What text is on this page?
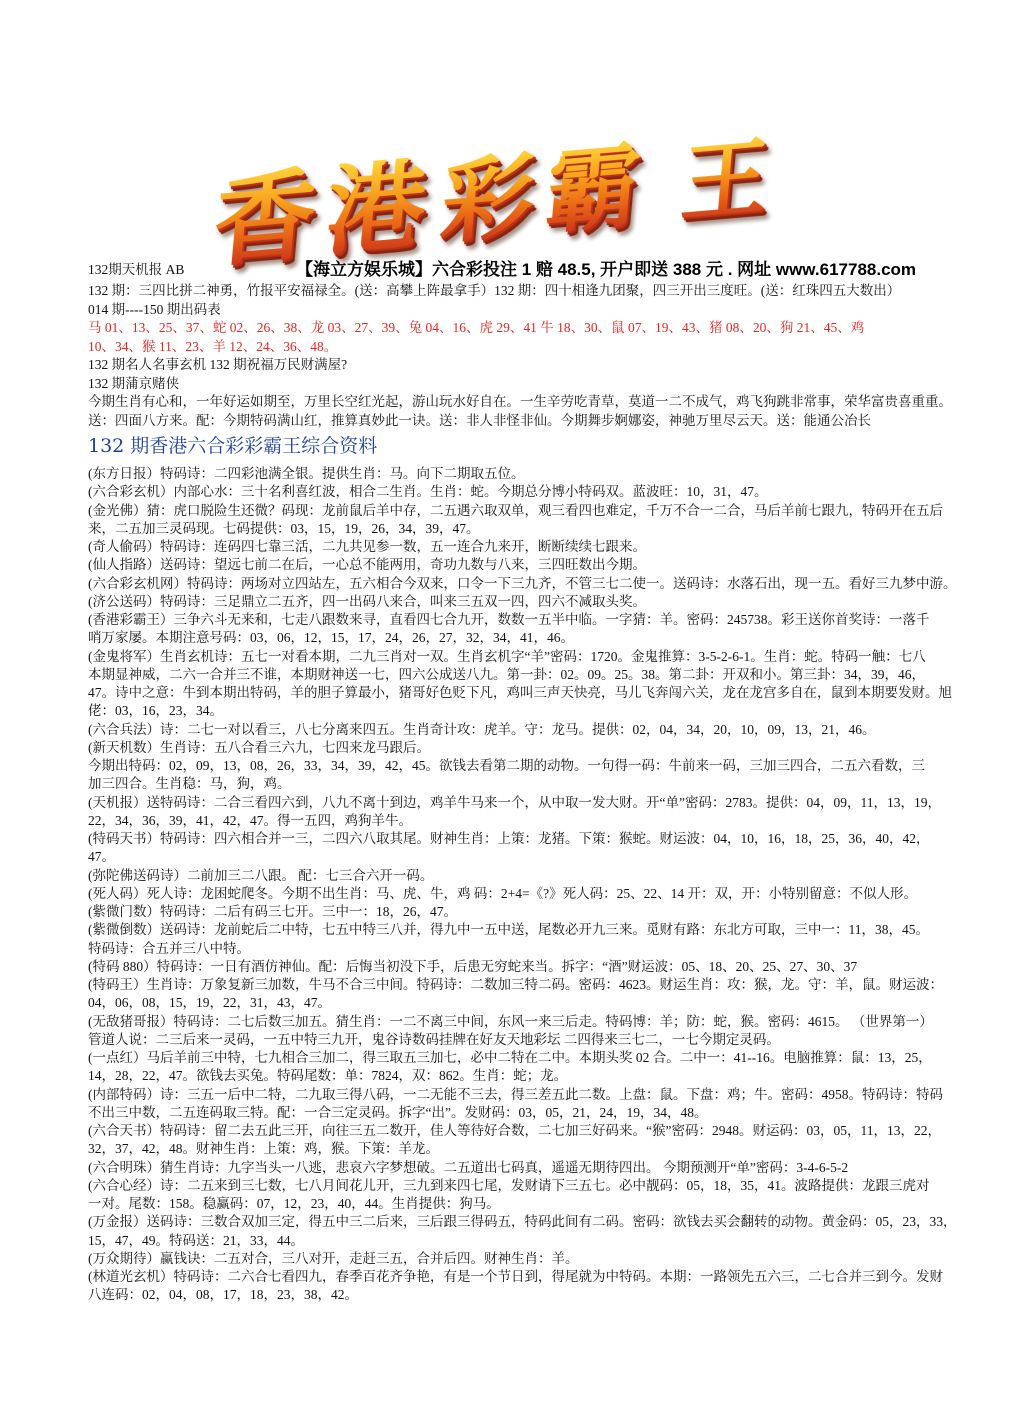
香 港 彩 霸 王
132期天机报 AB	【海立方娱乐城】六合彩投注 1 赔 48.5, 开户即送 388 元 . 网址 www.617788.com
132 期：三四比拼二神勇，竹报平安福禄全。(送：高攀上阵最拿手）132 期：四十相逢九团聚，四三开出三度旺。(送：红珠四五大数出）
014 期----150 期出码表
马 01、13、25、37、蛇 02、26、38、龙 03、27、39、兔 04、16、虎 29、41 牛 18、30、鼠 07、19、43、猪 08、20、狗 21、45、鸡
10、34、猴 11、23、羊 12、24、36、48。
132 期名人名事玄机 132 期祝福万民财满屋?
132 期蒲京赌侠
今期生肖有心和，一年好运如期至，万里长空红光起，游山玩水好自在。一生辛劳吃青草，莫道一二不成气，鸡飞狗跳非常事，荣华富贵喜重重。
送：四面八方来。配：今期特码满山红，推算真妙此一诀。送：非人非怪非仙。今期舞步婀娜姿，神驰万里尽云天。送：能通公冶长
132 期香港六合彩彩霸王综合资料
(东方日报）特码诗：二四彩池满全银。提供生肖：马。向下二期取五位。
(六合彩玄机）内部心水：三十名利喜红波，相合二生肖。生肖：蛇。今期总分博小特码双。蓝波旺：10，31，47。
(金光佛）猜：虎口脱险生还微？码现：龙前鼠后羊中存，二五遇六取双单，观三看四也难定，千万不合一二合，马后羊前七跟九，特码开在五后
来，二五加三灵码现。七码提供：03，15，19，26，34，39，47。
(奇人偷码）特码诗：连码四七靠三活，二九共见参一数，五一连合九来开，断断续续七跟来。
(仙人指路）送码诗：望远七前二在后，一心总不能两用，奇功九数与八来，三四旺数出今期。
(六合彩玄机网）特码诗：两场对立四站左，五六相合今双来，口令一下三九齐，不管三七二使一。送码诗：水落石出，现一五。看好三九梦中游。
(济公送码）特码诗：三足鼎立二五齐，四一出码八来合，叫来三五双一四，四六不减取头奖。
(香港彩霸王）三争六斗无来和，七走八跟数来寻，直看四七合九开，数数一五半中临。一字猜：羊。密码：245738。彩王送你首奖诗：一落千
哨万家屡。本期注意号码：03，06，12，15，17，24，26，27，32，34，41，46。
(金鬼将军）生肖玄机诗：五七一对看本期，二九三肖对一双。生肖玄机字“羊”密码：1720。金鬼推算：3-5-2-6-1。生肖：蛇。特码一触：七八
本期显神威，二六一合并三不谁，本期财神送一七，四六公成送八九。第一卦：02。09。25。38。第二卦：开双和小。第三卦：34，39，46，
47。诗中之意：牛到本期出特码，羊的胆子算最小，猪哥好色贬下凡，鸡叫三声天快亮，马儿飞奔闯六关，龙在龙宫多自在，鼠到本期要发财。旭
佬：03，16，23，34。
(六合兵法）诗：二七一对以看三，八七分离来四五。生肖奇计攻：虎羊。守：龙马。提供：02，04，34，20，10，09，13，21，46。
(新天机数）生肖诗：五八合看三六九，七四来龙马跟后。
今期出特码：02，09，13，08，26，33，34，39，42，45。欲钱去看第二期的动物。一句得一码：牛前来一码，三加三四合，二五六看数，三
加三四合。生肖稳：马，狗，鸡。
(天机报）送特码诗：二合三看四六到，八九不离十到边，鸡羊牛马来一个，从中取一发大财。开“单”密码：2783。提供：04，09，11，13，19，
22，34，36，39，41，42，47。得一五四，鸡狗羊牛。
(特码天书）特码诗：四六相合并一三，二四六八取其尾。财神生肖：上策：龙猪。下策：猴蛇。财运波：04，10，16，18，25，36，40，42，
47。
(弥陀佛送码诗）二前加三二八跟。 配：七三合六开一码。
(死人码）死人诗：龙困蛇爬冬。今期不出生肖：马、虎、牛，鸡 码：2+4=《?》死人码：25、22、14 开：双，开：小特别留意：不似人形。
(紫微门数）特码诗：二后有码三七开。三中一：18，26，47。
(紫微倒数）送码诗：龙前蛇后二中特，七五中特三八并，得九中一五中送，尾数必开九三来。觅财有路：东北方可取，三中一：11，38，45。
特码诗：合五并三八中特。
(特码 880）特码诗：一日有酒仿神仙。配：后悔当初没下手，后患无穷蛇来当。拆字：“酒”财运波：05、18、20、25、27、30、37
(特码王）生肖诗：万象复新三加数，牛马不合三中间。特码诗：二数加三特二码。密码：4623。财运生肖：攻：猴，龙。守：羊，鼠。财运波：
04，06，08，15，19，22，31，43，47。
(无敌猪哥报）特码诗：二七后数三加五。猜生肖：一二不离三中间，东风一来三后走。特码博：羊；防：蛇，猴。密码：4615。 （世界第一）
管道人说：二三后来一灵码，一五中特三九开，鬼谷诗数码挂牌在好友天地彩坛 二四得来三七二，一七今期定灵码。
(一点红）马后羊前三中特，七九相合三加二，得三取五三加七，必中二特在二中。本期头奖 02 合。二中一：41--16。电脑推算：鼠：13，25，
14，28，22，47。欲钱去买兔。特码尾数：单：7824，双：862。生肖：蛇；龙。
(内部特码）诗：三五一后中二特，二九取三得八码，一二无能不三去，得三差五此二数。上盘：鼠。下盘：鸡；牛。密码：4958。特码诗：特码
不出三中数，二五连码取三特。配：一合三定灵码。拆字“出”。发财码：03，05，21，24，19，34，48。
(六合天书）特码诗：留二去五此三开，向往三五二数开，佳人等待好合数，二七加三好码来。“猴”密码：2948。财运码：03，05，11，13，22，
32，37，42，48。财神生肖：上策：鸡，猴。下策：羊龙。
(六合明珠）猜生肖诗：九字当头一八逃，悲哀六字梦想破。二五道出七码真，遥遥无期待四出。 今期预测开“单”密码：3-4-6-5-2
(六合心经）诗：二五来到三七数，七八月间花儿开，三九到来四七尾，发财请下三五七。必中靓码：05，18，35，41。波路提供：龙跟三虎对
一对。尾数：158。稳赢码：07，12，23，40，44。生肖提供：狗马。
(万金报）送码诗：三数合双加三定，得五中三二后来，三后跟三得码五，特码此间有二码。密码：欲钱去买会翻转的动物。黄金码：05，23，33，
15，47，49。特码送：21，33，44。
(万众期待）赢钱诀：二五对合，三八对开，走赶三五，合并后四。财神生肖：羊。
(林道光玄机）特码诗：二六合七看四九，春季百花齐争艳，有是一个节日到，得尾就为中特码。本期：一路领先五六三，二七合并三到今。发财
八连码：02，04，08，17，18，23，38，42。
